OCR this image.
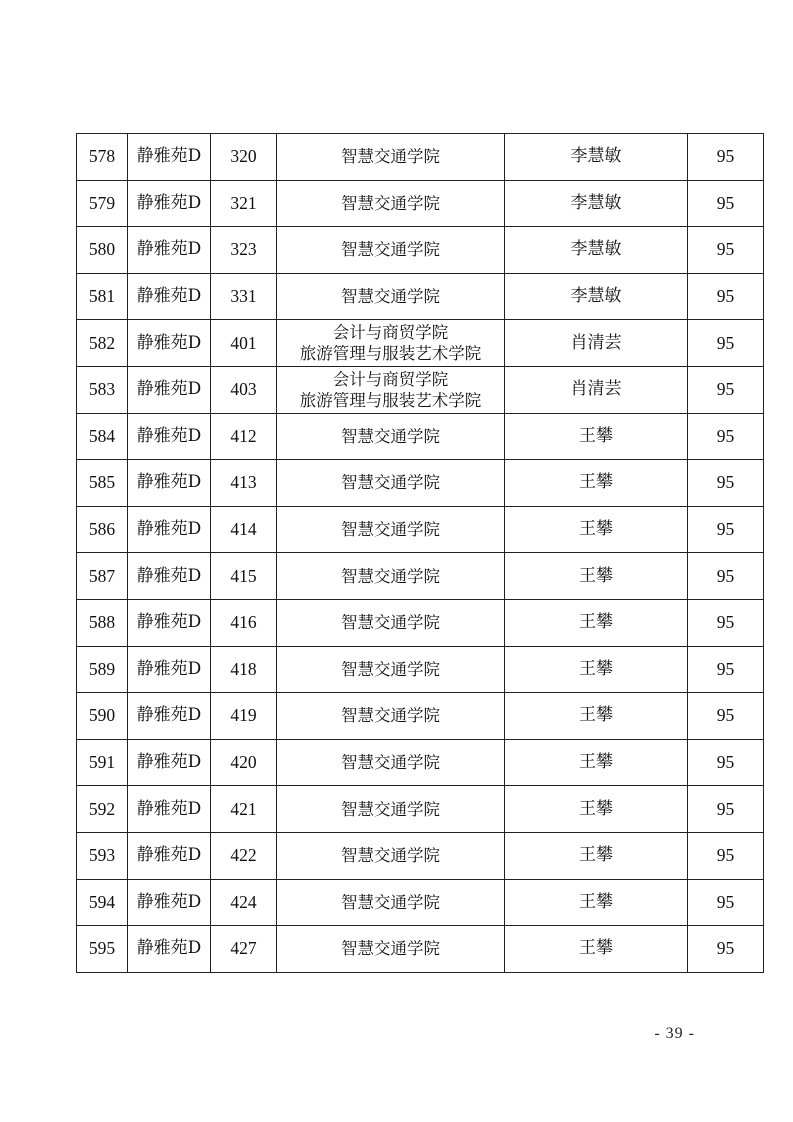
578	静雅苑D	320	智慧交通学院	李慧敏	95
579	静雅苑D	321	智慧交通学院	李慧敏	95
580	静雅苑D	323	智慧交通学院	李慧敏	95
581	静雅苑D	331	智慧交通学院	李慧敏	95
582	静雅苑D	401	会计与商贸学院
旅游管理与服装艺术学院	肖清芸	95
583	静雅苑D	403	会计与商贸学院
旅游管理与服装艺术学院	肖清芸	95
584	静雅苑D	412	智慧交通学院	王攀	95
585	静雅苑D	413	智慧交通学院	王攀	95
586	静雅苑D	414	智慧交通学院	王攀	95
587	静雅苑D	415	智慧交通学院	王攀	95
588	静雅苑D	416	智慧交通学院	王攀	95
589	静雅苑D	418	智慧交通学院	王攀	95
590	静雅苑D	419	智慧交通学院	王攀	95
591	静雅苑D	420	智慧交通学院	王攀	95
592	静雅苑D	421	智慧交通学院	王攀	95
593	静雅苑D	422	智慧交通学院	王攀	95
594	静雅苑D	424	智慧交通学院	王攀	95
595	静雅苑D	427	智慧交通学院	王攀	95
- 39 -
